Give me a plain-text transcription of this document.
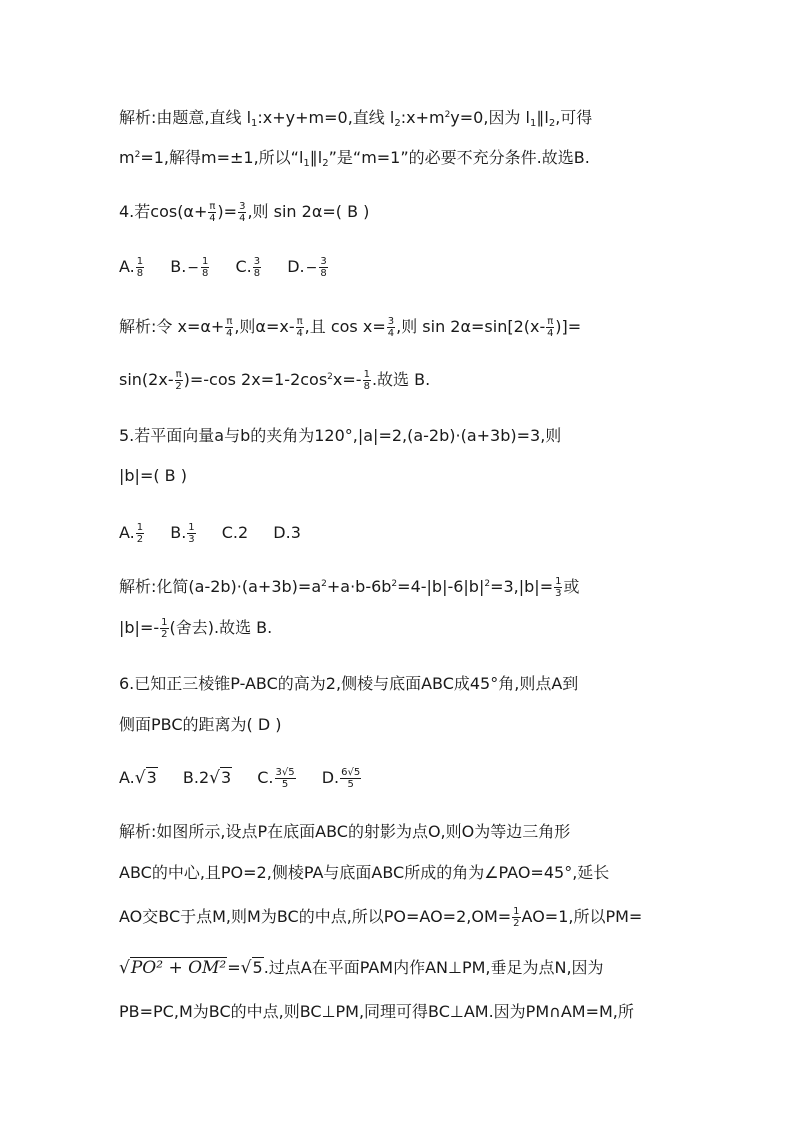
解析:由题意,直线 $l_1:x+y+m=0$,直线 $l_2:x+m^2y=0$,因为 $l_1\parallel l_2$,可得
$m^2=1$,解得m=±1,所以“$l_1\parallel l_2$”是“m=1”的必要不充分条件.故选B.
4.若$\cos(\alpha+ \frac{\pi}{4}$ )= $\frac{3}{4}$ ,则 sin 2α=( B )
A. $\frac{1}{8} B.- \frac{1}{8} C$. $\frac{3}{8} D.- \frac{3}{8}$
解析:令 $x=\alpha+ \frac{\pi}{4}$ ,则$\alpha=x- \frac{\pi}{4}$ ,且 $\cos x= \frac{3}{4}$ ,则 $\sin 2\alpha=\sin[2(x- \frac{\pi}{4}$ )]=
$\sin(2x- \frac{\pi}{2} )=-\cos$ $2x=1-2\cos^2x=- \frac{1}{8}$ .故选 B.
5.若平面向量a与b的夹角为120°,|a|=2,(a-2b)·(a+3b)=3,则
|b|=( B )
A. $\frac{1}{2} B$. $\frac{1}{3} C.2$ D.3
解析:化简$(a-2b)\cdot(a+3b)=a^2+a\cdot b-6b^2=4-|b|-6|b|^2=3,|b|= \frac{1}{3}$ 或
$|b|=- \frac{1}{2}$ (舍去).故选 B.
6.已知正三棱锥P-ABC的高为2,侧棱与底面ABC成45°角,则点A到
侧面PBC的距离为( D )
A.√3 B.2√3 C. $\frac{3√5}{5} D$. $\frac{6√5}{5}$
解析:如图所示,设点P在底面ABC的射影为点O,则O为等边三角形
ABC的中心,且PO=2,侧棱PA与底面ABC所成的角为∠PAO=45°,延长
AO交BC于点M,则M为BC的中点,所以$PO=AO=2,OM= \frac{1}{2} AO=1$,所以PM=
√PO² + OM²=√5.过点A在平面PAM内作AN⊥PM,垂足为点N,因为
PB=PC,M为BC的中点,则BC⊥PM,同理可得BC⊥AM.因为PM∩AM=M,所
